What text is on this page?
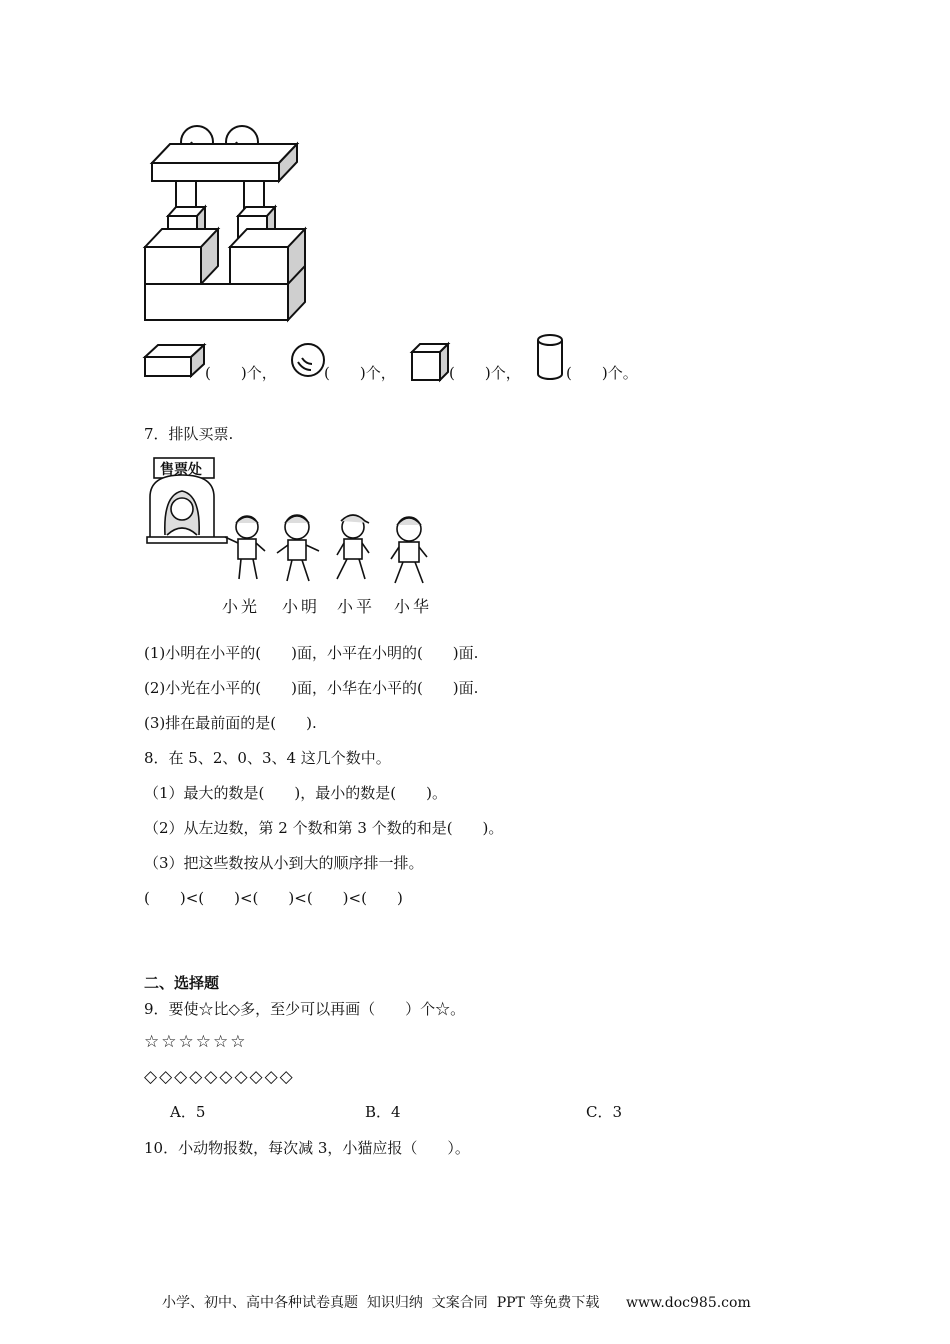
(　　)个，	(　　)个，	(　　)个，	(　　)个。
7．排队买票.
售票处
小光 小明 小平 小华
(1)小明在小平的(　　)面，小平在小明的(　　)面.
(2)小光在小平的(　　)面，小华在小平的(　　)面.
(3)排在最前面的是(　　).
8．在 5、2、0、3、4 这几个数中。
（1）最大的数是(　　)，最小的数是(　　)。
（2）从左边数，第 2 个数和第 3 个数的和是(　　)。
（3）把这些数按从小到大的顺序排一排。
(　　)<(　　)<(　　)<(　　)<(　　)
二、选择题
9．要使☆比◇多，至少可以再画（　　）个☆。
☆☆☆☆☆☆
◇◇◇◇◇◇◇◇◇◇
A．5	B．4	C．3
10．小动物报数，每次减 3，小猫应报（　　）。
小学、初中、高中各种试卷真题  知识归纳  文案合同  PPT 等免费下载      www.doc985.com
